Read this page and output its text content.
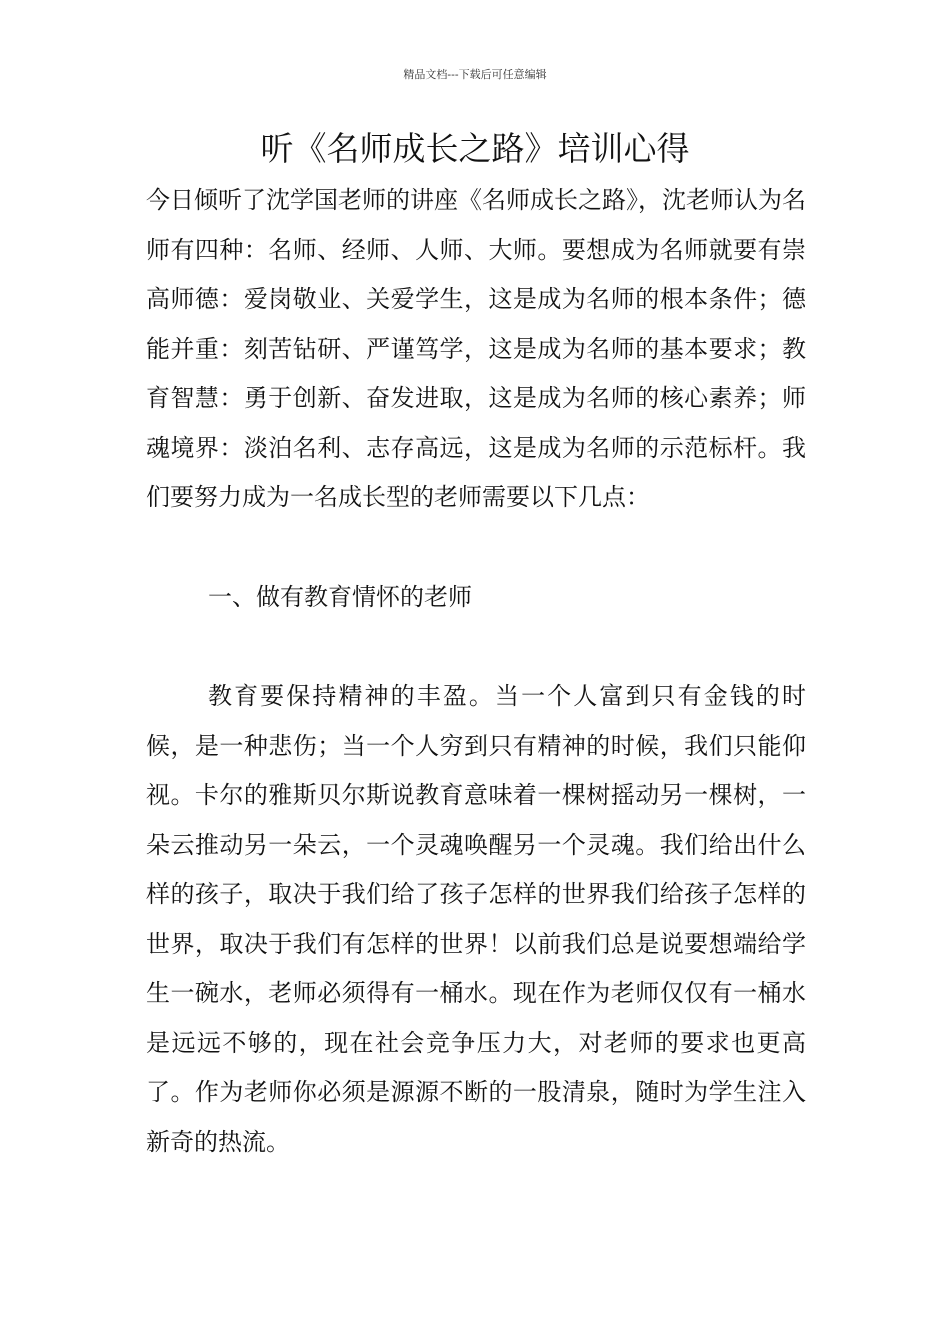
精品文档---下载后可任意编辑
听《名师成长之路》培训心得

今日倾听了沈学国老师的讲座《名师成长之路》，沈老师认为名师有四种：名师、经师、人师、大师。要想成为名师就要有崇高师德：爱岗敬业、关爱学生，这是成为名师的根本条件；德能并重：刻苦钻研、严谨笃学，这是成为名师的基本要求；教育智慧：勇于创新、奋发进取，这是成为名师的核心素养；师魂境界：淡泊名利、志存高远，这是成为名师的示范标杆。我们要努力成为一名成长型的老师需要以下几点：

一、做有教育情怀的老师

教育要保持精神的丰盈。当一个人富到只有金钱的时候，是一种悲伤；当一个人穷到只有精神的时候，我们只能仰视。卡尔的雅斯贝尔斯说教育意味着一棵树摇动另一棵树，一朵云推动另一朵云，一个灵魂唤醒另一个灵魂。我们给出什么样的孩子，取决于我们给了孩子怎样的世界我们给孩子怎样的世界，取决于我们有怎样的世界！以前我们总是说要想端给学生一碗水，老师必须得有一桶水。现在作为老师仅仅有一桶水是远远不够的，现在社会竞争压力大，对老师的要求也更高了。作为老师你必须是源源不断的一股清泉，随时为学生注入新奇的热流。
